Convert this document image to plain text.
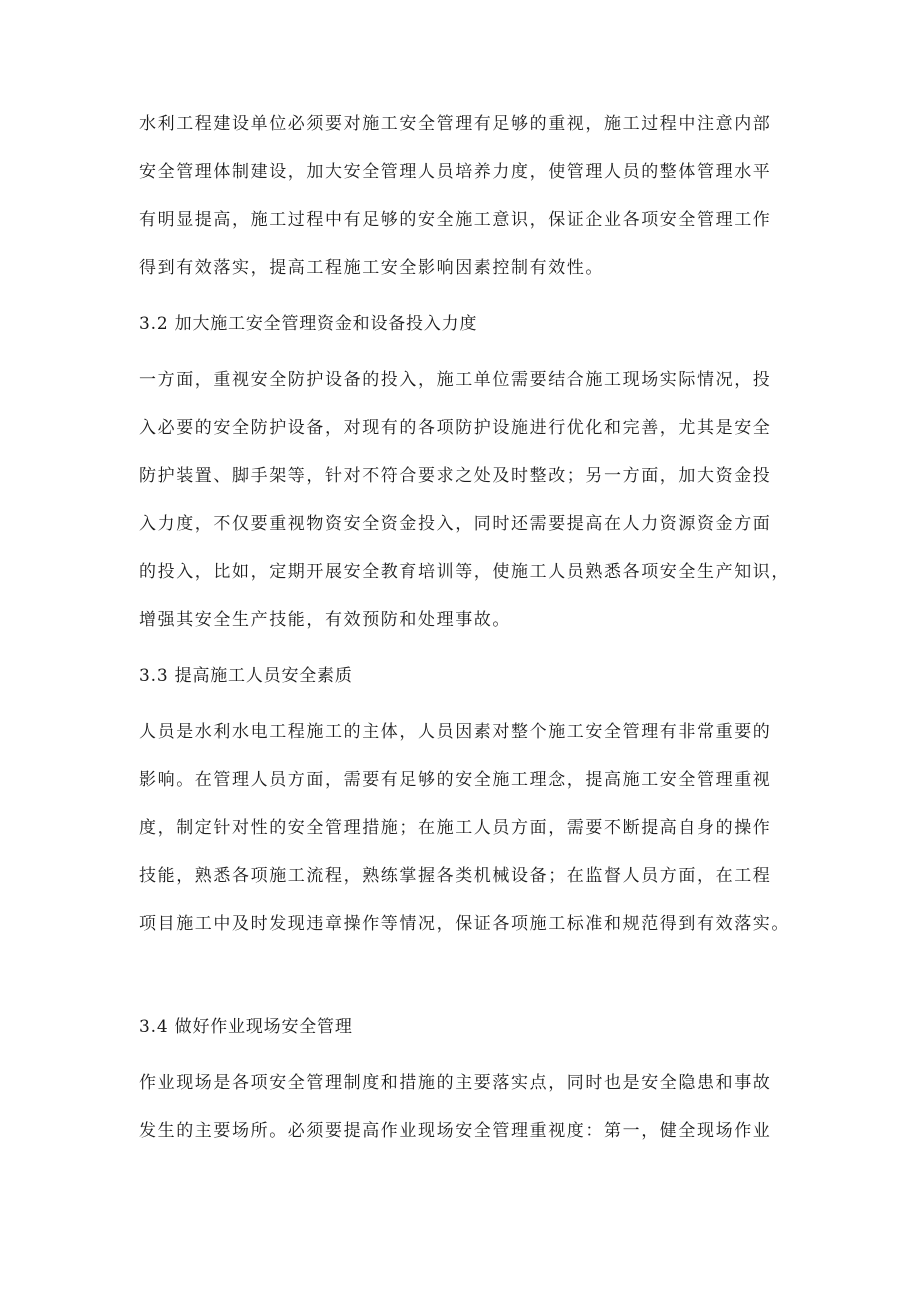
水利工程建设单位必须要对施工安全管理有足够的重视，施工过程中注意内部
安全管理体制建设，加大安全管理人员培养力度，使管理人员的整体管理水平
有明显提高，施工过程中有足够的安全施工意识，保证企业各项安全管理工作
得到有效落实，提高工程施工安全影响因素控制有效性。
3.2 加大施工安全管理资金和设备投入力度
一方面，重视安全防护设备的投入，施工单位需要结合施工现场实际情况，投
入必要的安全防护设备，对现有的各项防护设施进行优化和完善，尤其是安全
防护装置、脚手架等，针对不符合要求之处及时整改；另一方面，加大资金投
入力度，不仅要重视物资安全资金投入，同时还需要提高在人力资源资金方面
的投入，比如，定期开展安全教育培训等，使施工人员熟悉各项安全生产知识，
增强其安全生产技能，有效预防和处理事故。
3.3 提高施工人员安全素质
人员是水利水电工程施工的主体，人员因素对整个施工安全管理有非常重要的
影响。在管理人员方面，需要有足够的安全施工理念，提高施工安全管理重视
度，制定针对性的安全管理措施；在施工人员方面，需要不断提高自身的操作
技能，熟悉各项施工流程，熟练掌握各类机械设备；在监督人员方面，在工程
项目施工中及时发现违章操作等情况，保证各项施工标准和规范得到有效落实。
3.4 做好作业现场安全管理
作业现场是各项安全管理制度和措施的主要落实点，同时也是安全隐患和事故
发生的主要场所。必须要提高作业现场安全管理重视度：第一，健全现场作业
